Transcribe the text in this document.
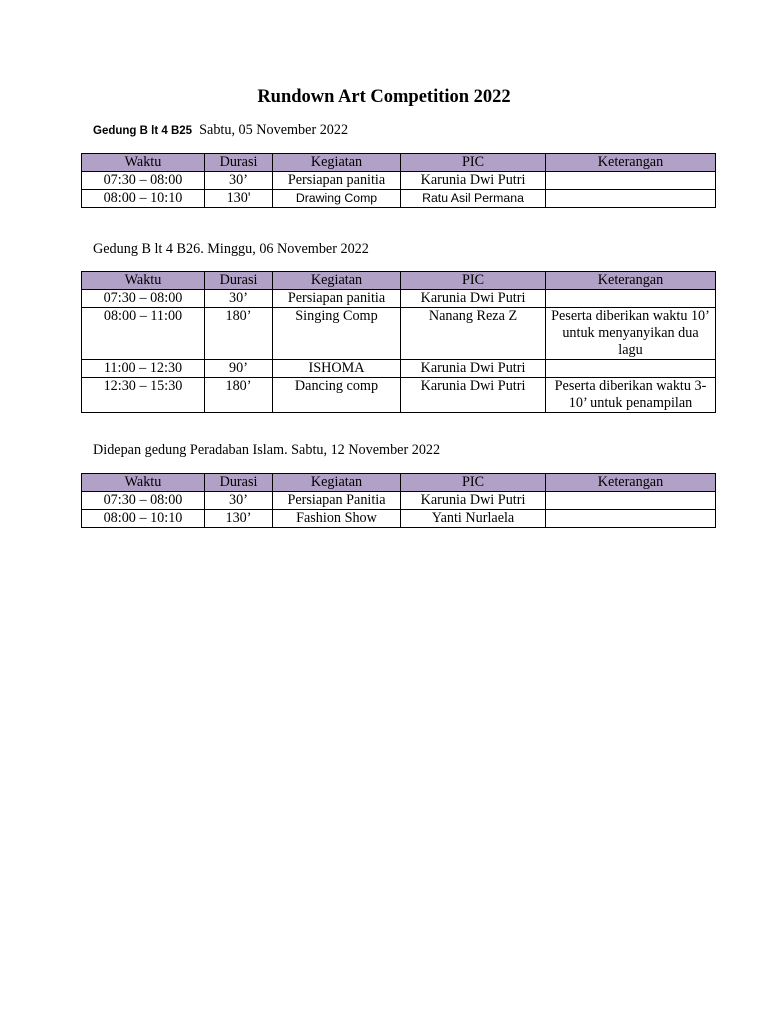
Rundown Art Competition 2022
Gedung B lt 4 B25 Sabtu, 05 November 2022
Waktu	Durasi	Kegiatan	PIC	Keterangan
07:30 – 08:00	30’	Persiapan panitia	Karunia Dwi Putri	
08:00 – 10:10	130'	Drawing Comp	Ratu Asil Permana	
Gedung B lt 4 B26. Minggu, 06 November 2022
Waktu	Durasi	Kegiatan	PIC	Keterangan
07:30 – 08:00	30’	Persiapan panitia	Karunia Dwi Putri	
08:00 – 11:00	180’	Singing Comp	Nanang Reza Z	Peserta diberikan waktu 10’ untuk menyanyikan dua lagu
11:00 – 12:30	90’	ISHOMA	Karunia Dwi Putri	
12:30 – 15:30	180’	Dancing comp	Karunia Dwi Putri	Peserta diberikan waktu 3-10’ untuk penampilan
Didepan gedung Peradaban Islam. Sabtu, 12 November 2022
Waktu	Durasi	Kegiatan	PIC	Keterangan
07:30 – 08:00	30’	Persiapan Panitia	Karunia Dwi Putri	
08:00 – 10:10	130’	Fashion Show	Yanti Nurlaela	
